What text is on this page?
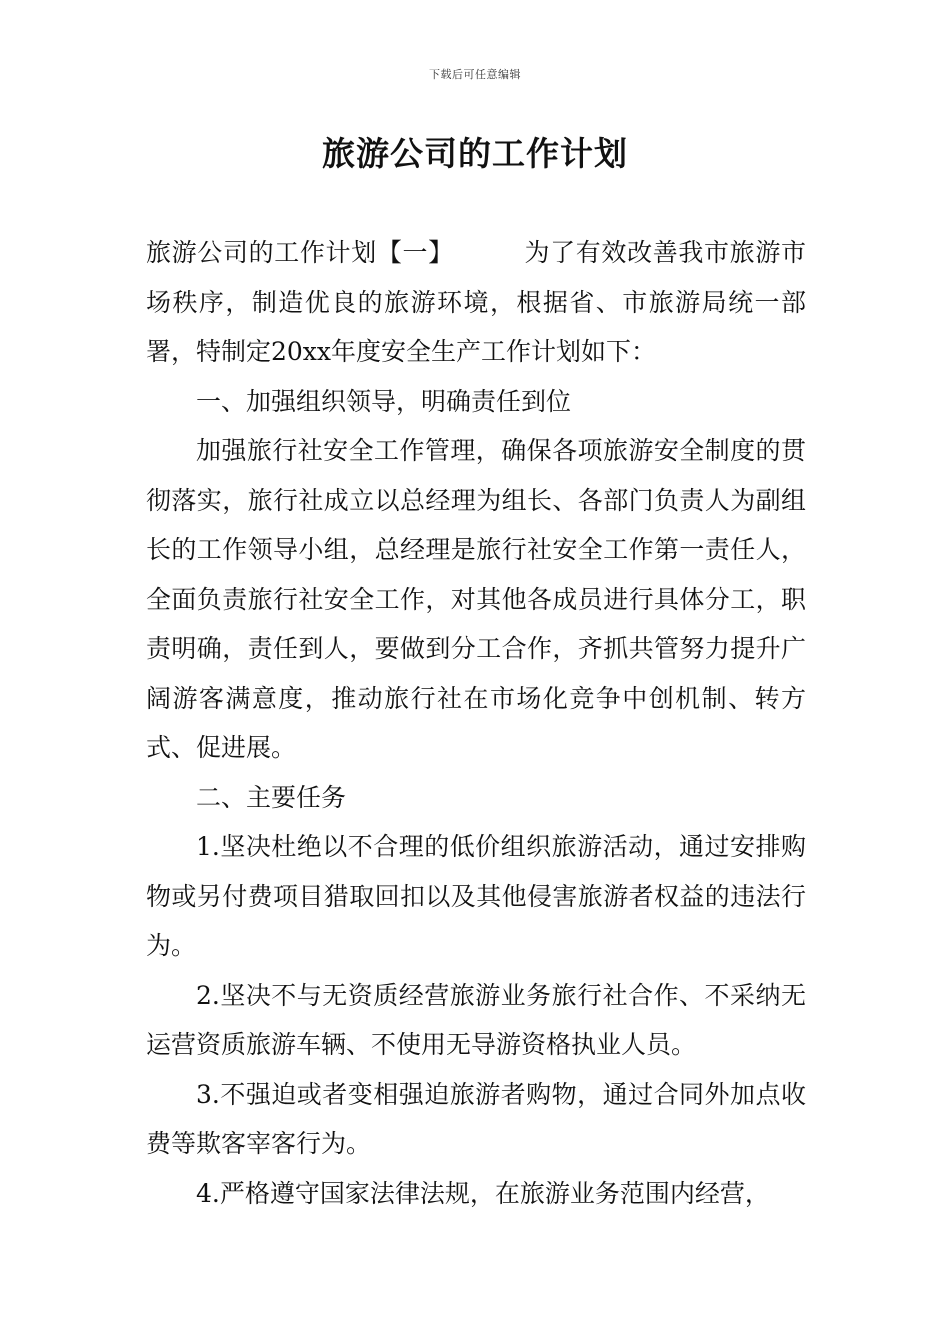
下载后可任意编辑
旅游公司的工作计划

旅游公司的工作计划【一】	为了有效改善我市旅游市场秩序，制造优良的旅游环境，根据省、市旅游局统一部署，特制定20xx年度安全生产工作计划如下：

一、加强组织领导，明确责任到位

加强旅行社安全工作管理，确保各项旅游安全制度的贯彻落实，旅行社成立以总经理为组长、各部门负责人为副组长的工作领导小组，总经理是旅行社安全工作第一责任人，全面负责旅行社安全工作，对其他各成员进行具体分工，职责明确，责任到人，要做到分工合作，齐抓共管努力提升广阔游客满意度，推动旅行社在市场化竞争中创机制、转方式、促进展。

二、主要任务

1.坚决杜绝以不合理的低价组织旅游活动，通过安排购物或另付费项目猎取回扣以及其他侵害旅游者权益的违法行为。

2.坚决不与无资质经营旅游业务旅行社合作、不采纳无运营资质旅游车辆、不使用无导游资格执业人员。

3.不强迫或者变相强迫旅游者购物，通过合同外加点收费等欺客宰客行为。

4.严格遵守国家法律法规，在旅游业务范围内经营，
